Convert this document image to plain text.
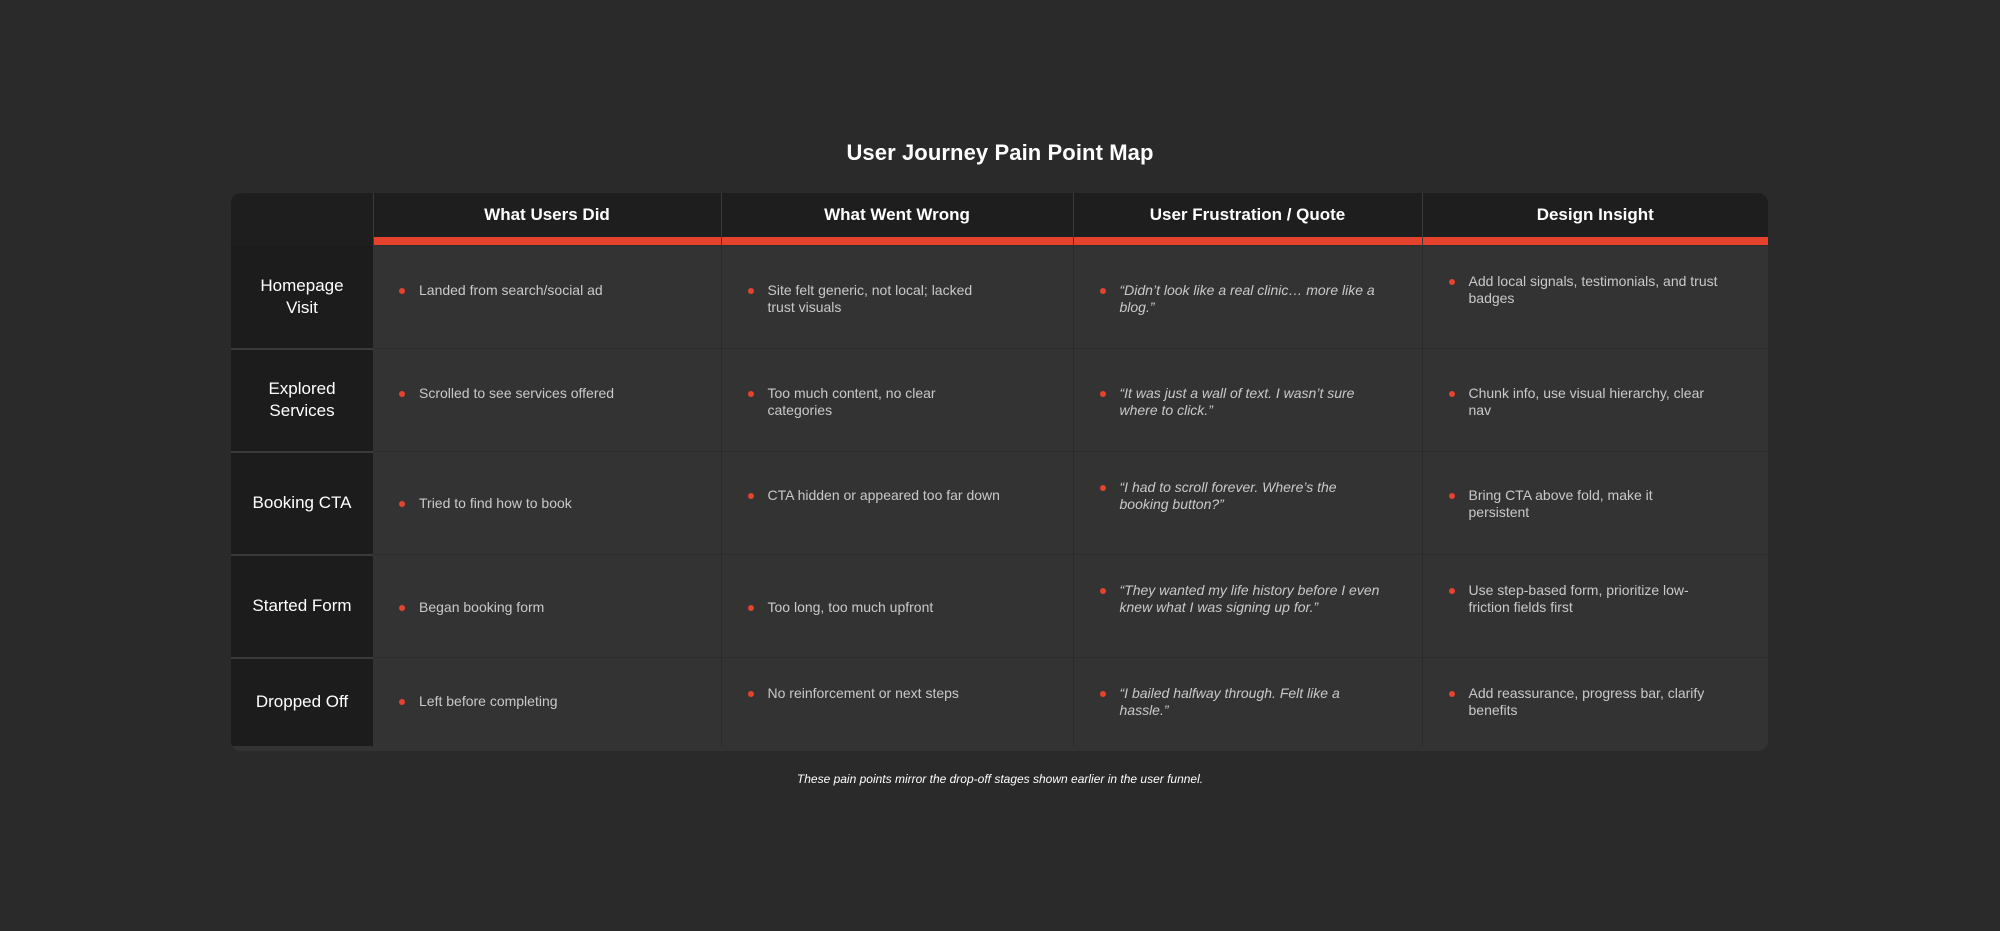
User Journey Pain Point Map
	What Users Did	What Went Wrong	User Frustration / Quote	Design Insight
Homepage Visit	Landed from search/social ad	Site felt generic, not local; lacked trust visuals	“Didn’t look like a real clinic… more like a blog.”	Add local signals, testimonials, and trust badges

Explored Services	Scrolled to see services offered	Too much content, no clear categories	“It was just a wall of text. I wasn’t sure where to click.”	Chunk info, use visual hierarchy, clear nav

Booking CTA	Tried to find how to book	CTA hidden or appeared too far down	“I had to scroll forever. Where’s the booking button?”	Bring CTA above fold, make it persistent

Started Form	Began booking form	Too long, too much upfront	“They wanted my life history before I even knew what I was signing up for.”	Use step-based form, prioritize low-friction fields first

Dropped Off	Left before completing	No reinforcement or next steps	“I bailed halfway through. Felt like a hassle.”	Add reassurance, progress bar, clarify benefits
These pain points mirror the drop-off stages shown earlier in the user funnel.
